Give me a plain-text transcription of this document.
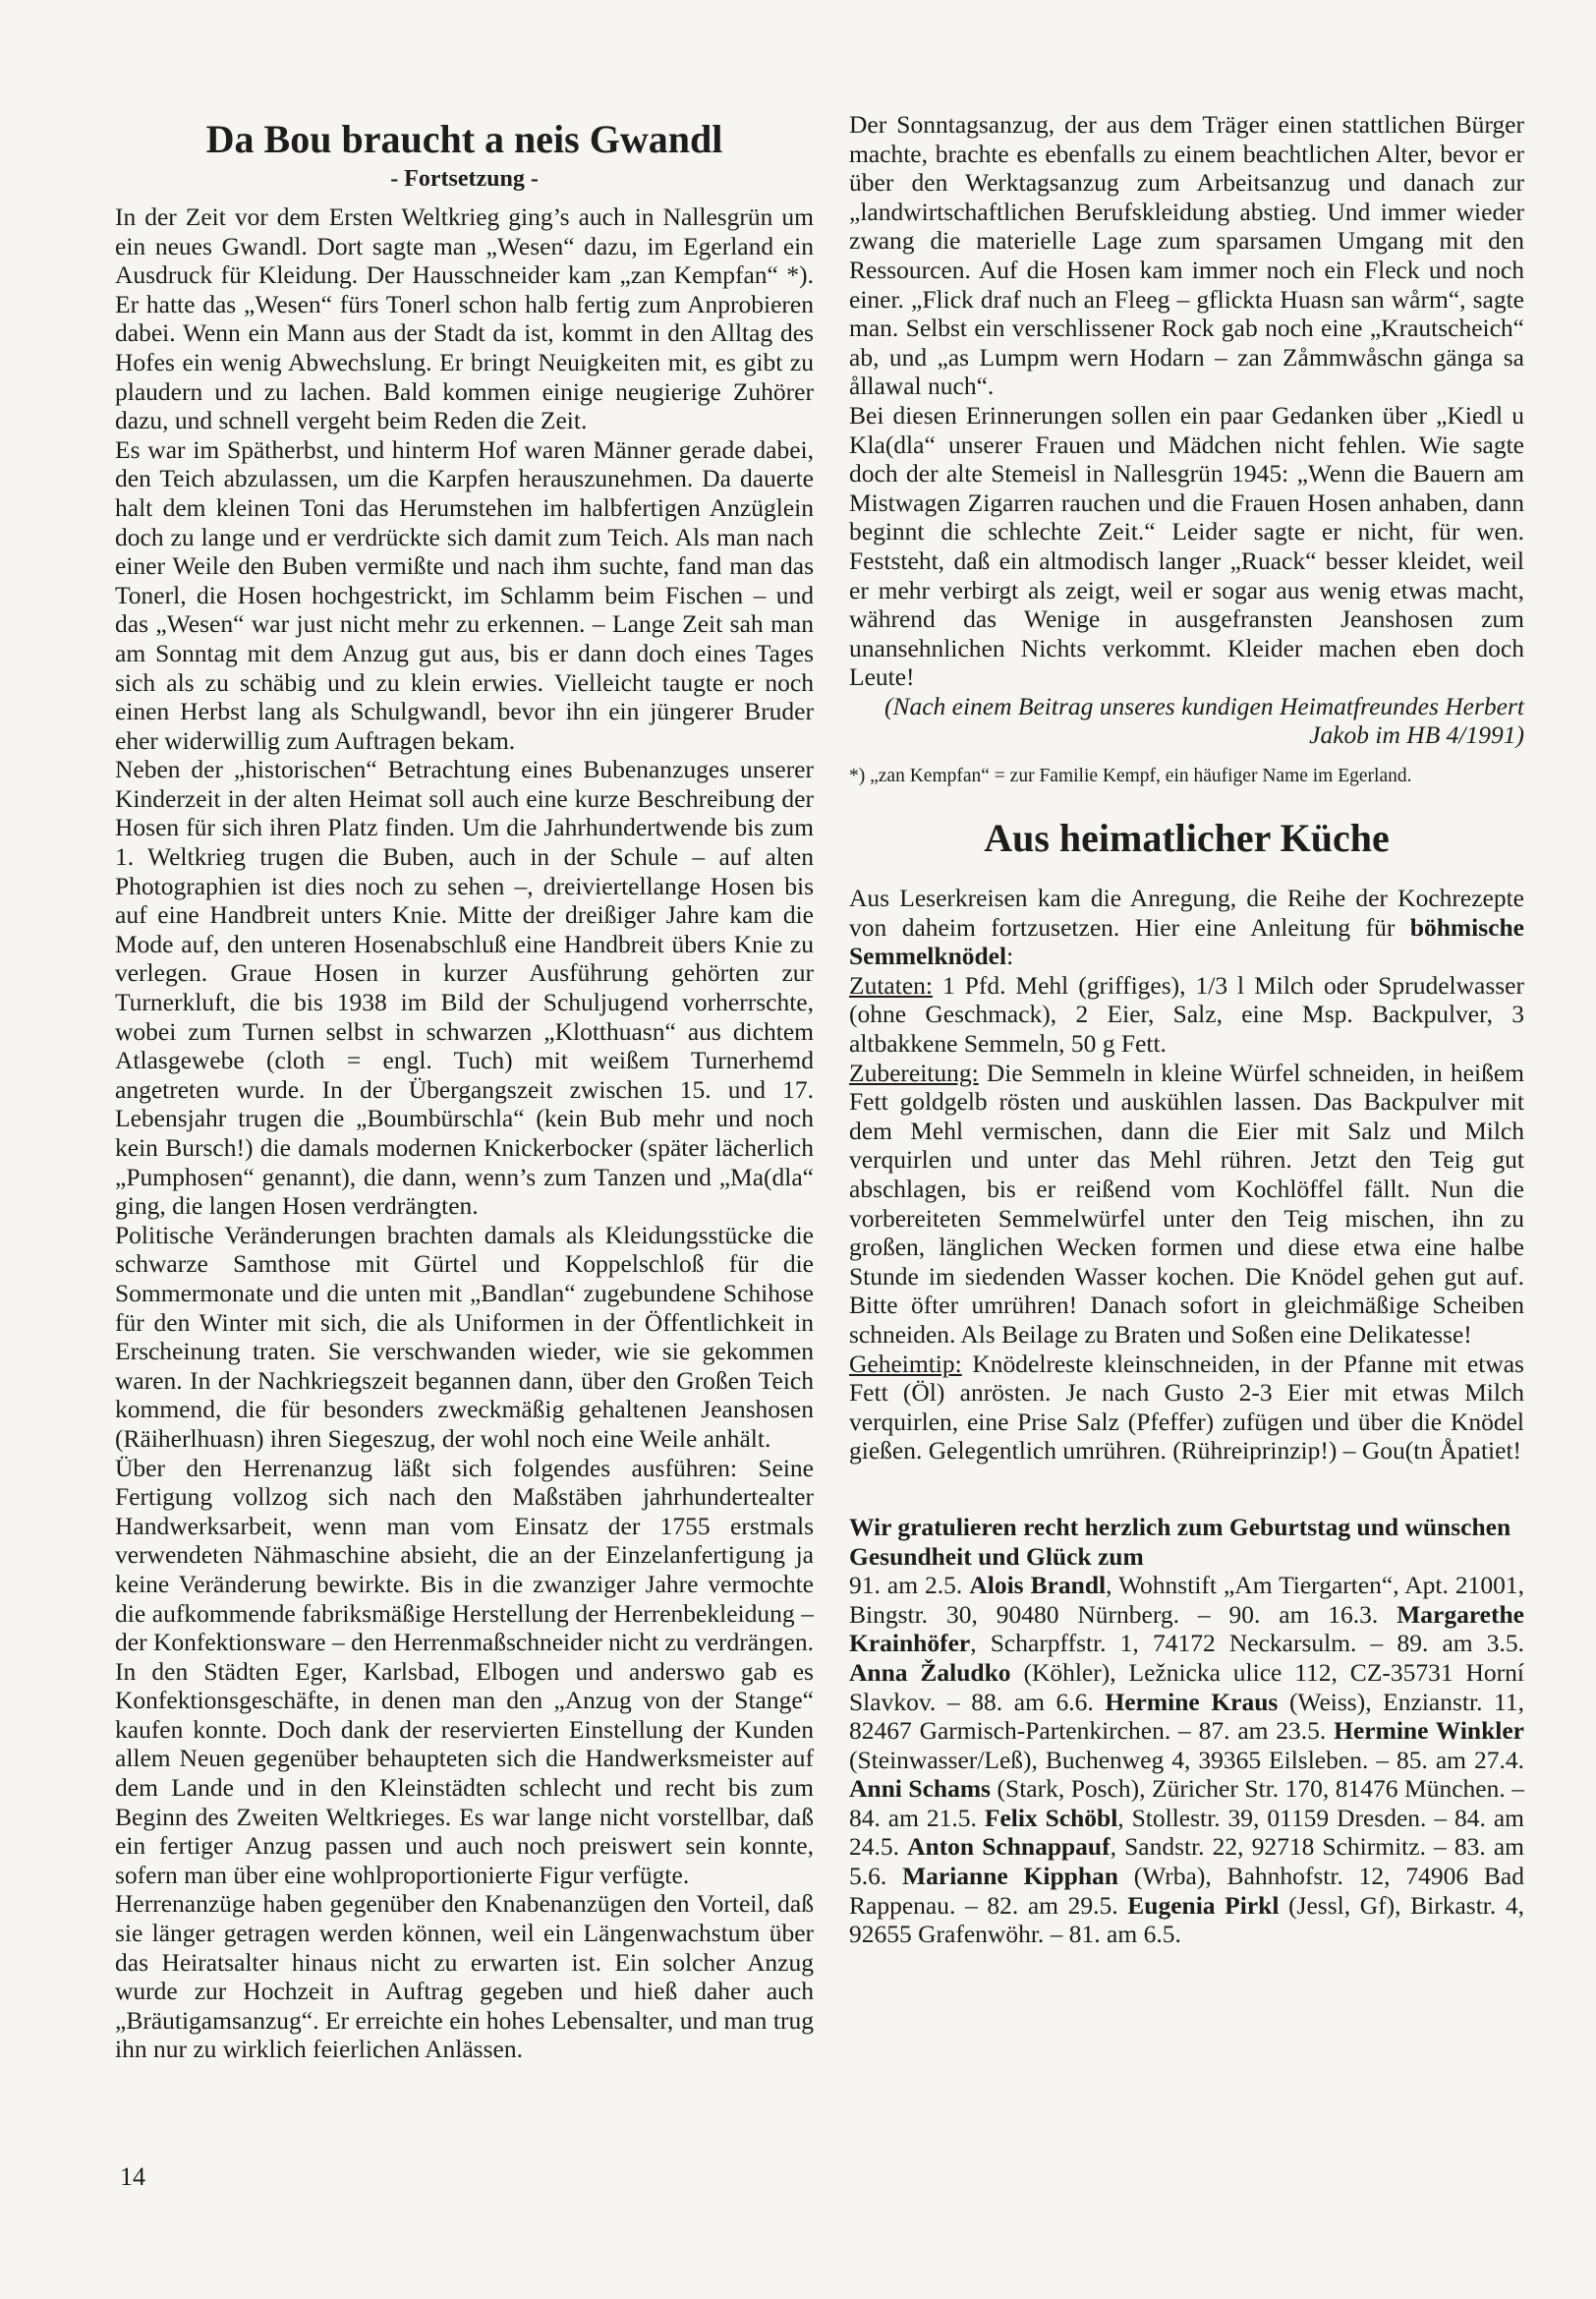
Da Bou braucht a neis Gwandl
- Fortsetzung -

In der Zeit vor dem Ersten Weltkrieg ging’s auch in Nallesgrün um ein neues Gwandl. Dort sagte man „Wesen“ dazu, im Egerland ein Ausdruck für Kleidung. Der Hausschneider kam „zan Kempfan“ *). Er hatte das „Wesen“ fürs Tonerl schon halb fertig zum Anprobieren dabei. Wenn ein Mann aus der Stadt da ist, kommt in den Alltag des Hofes ein wenig Abwechslung. Er bringt Neuigkeiten mit, es gibt zu plaudern und zu lachen. Bald kommen einige neugierige Zuhörer dazu, und schnell vergeht beim Reden die Zeit.

Es war im Spätherbst, und hinterm Hof waren Männer gerade dabei, den Teich abzulassen, um die Karpfen herauszunehmen. Da dauerte halt dem kleinen Toni das Herumstehen im halbfertigen Anzüglein doch zu lange und er verdrückte sich damit zum Teich. Als man nach einer Weile den Buben vermißte und nach ihm suchte, fand man das Tonerl, die Hosen hochgestrickt, im Schlamm beim Fischen – und das „Wesen“ war just nicht mehr zu erkennen. – Lange Zeit sah man am Sonntag mit dem Anzug gut aus, bis er dann doch eines Tages sich als zu schäbig und zu klein erwies. Vielleicht taugte er noch einen Herbst lang als Schulgwandl, bevor ihn ein jüngerer Bruder eher widerwillig zum Auftragen bekam.

Neben der „historischen“ Betrachtung eines Bubenanzuges unserer Kinderzeit in der alten Heimat soll auch eine kurze Beschreibung der Hosen für sich ihren Platz finden. Um die Jahrhundertwende bis zum 1. Weltkrieg trugen die Buben, auch in der Schule – auf alten Photographien ist dies noch zu sehen –, dreiviertellange Hosen bis auf eine Handbreit unters Knie. Mitte der dreißiger Jahre kam die Mode auf, den unteren Hosenabschluß eine Handbreit übers Knie zu verlegen. Graue Hosen in kurzer Ausführung gehörten zur Turnerkluft, die bis 1938 im Bild der Schuljugend vorherrschte, wobei zum Turnen selbst in schwarzen „Klotthuasn“ aus dichtem Atlasgewebe (cloth = engl. Tuch) mit weißem Turnerhemd angetreten wurde. In der Übergangszeit zwischen 15. und 17. Lebensjahr trugen die „Boumbürschla“ (kein Bub mehr und noch kein Bursch!) die damals modernen Knickerbocker (später lächerlich „Pumphosen“ genannt), die dann, wenn’s zum Tanzen und „Ma(dla“ ging, die langen Hosen verdrängten.

Politische Veränderungen brachten damals als Kleidungsstücke die schwarze Samthose mit Gürtel und Koppelschloß für die Sommermonate und die unten mit „Bandlan“ zugebundene Schihose für den Winter mit sich, die als Uniformen in der Öffentlichkeit in Erscheinung traten. Sie verschwanden wieder, wie sie gekommen waren. In der Nachkriegszeit begannen dann, über den Großen Teich kommend, die für besonders zweckmäßig gehaltenen Jeanshosen (Räiherlhuasn) ihren Siegeszug, der wohl noch eine Weile anhält.

Über den Herrenanzug läßt sich folgendes ausführen: Seine Fertigung vollzog sich nach den Maßstäben jahrhundertealter Handwerksarbeit, wenn man vom Einsatz der 1755 erstmals verwendeten Nähmaschine absieht, die an der Einzelanfertigung ja keine Veränderung bewirkte. Bis in die zwanziger Jahre vermochte die aufkommende fabriksmäßige Herstellung der Herrenbekleidung – der Konfektionsware – den Herrenmaßschneider nicht zu verdrängen. In den Städten Eger, Karlsbad, Elbogen und anderswo gab es Konfektionsgeschäfte, in denen man den „Anzug von der Stange“ kaufen konnte. Doch dank der reservierten Einstellung der Kunden allem Neuen gegenüber behaupteten sich die Handwerksmeister auf dem Lande und in den Kleinstädten schlecht und recht bis zum Beginn des Zweiten Weltkrieges. Es war lange nicht vorstellbar, daß ein fertiger Anzug passen und auch noch preiswert sein konnte, sofern man über eine wohlproportionierte Figur verfügte.

Herrenanzüge haben gegenüber den Knabenanzügen den Vorteil, daß sie länger getragen werden können, weil ein Längenwachstum über das Heiratsalter hinaus nicht zu erwarten ist. Ein solcher Anzug wurde zur Hochzeit in Auftrag gegeben und hieß daher auch „Bräutigamsanzug“. Er erreichte ein hohes Lebensalter, und man trug ihn nur zu wirklich feierlichen Anlässen.

Der Sonntagsanzug, der aus dem Träger einen stattlichen Bürger machte, brachte es ebenfalls zu einem beachtlichen Alter, bevor er über den Werktagsanzug zum Arbeitsanzug und danach zur „landwirtschaftlichen Berufskleidung abstieg. Und immer wieder zwang die materielle Lage zum sparsamen Umgang mit den Ressourcen. Auf die Hosen kam immer noch ein Fleck und noch einer. „Flick draf nuch an Fleeg – gflickta Huasn san wårm“, sagte man. Selbst ein verschlissener Rock gab noch eine „Krautscheich“ ab, und „as Lumpm wern Hodarn – zan Zåmmwåschn gänga sa ållawal nuch“.

Bei diesen Erinnerungen sollen ein paar Gedanken über „Kiedl u Kla(dla“ unserer Frauen und Mädchen nicht fehlen. Wie sagte doch der alte Stemeisl in Nallesgrün 1945: „Wenn die Bauern am Mistwagen Zigarren rauchen und die Frauen Hosen anhaben, dann beginnt die schlechte Zeit.“ Leider sagte er nicht, für wen. Feststeht, daß ein altmodisch langer „Ruack“ besser kleidet, weil er mehr verbirgt als zeigt, weil er sogar aus wenig etwas macht, während das Wenige in ausgefransten Jeanshosen zum unansehnlichen Nichts verkommt. Kleider machen eben doch Leute!

(Nach einem Beitrag unseres kundigen Heimatfreundes Herbert Jakob im HB 4/1991)

*) „zan Kempfan“ = zur Familie Kempf, ein häufiger Name im Egerland.

Aus heimatlicher Küche

Aus Leserkreisen kam die Anregung, die Reihe der Kochrezepte von daheim fortzusetzen. Hier eine Anleitung für böhmische Semmelknödel:

Zutaten: 1 Pfd. Mehl (griffiges), 1/3 l Milch oder Sprudelwasser (ohne Geschmack), 2 Eier, Salz, eine Msp. Backpulver, 3 altbakkene Semmeln, 50 g Fett.

Zubereitung: Die Semmeln in kleine Würfel schneiden, in heißem Fett goldgelb rösten und auskühlen lassen. Das Backpulver mit dem Mehl vermischen, dann die Eier mit Salz und Milch verquirlen und unter das Mehl rühren. Jetzt den Teig gut abschlagen, bis er reißend vom Kochlöffel fällt. Nun die vorbereiteten Semmelwürfel unter den Teig mischen, ihn zu großen, länglichen Wecken formen und diese etwa eine halbe Stunde im siedenden Wasser kochen. Die Knödel gehen gut auf. Bitte öfter umrühren! Danach sofort in gleichmäßige Scheiben schneiden. Als Beilage zu Braten und Soßen eine Delikatesse!

Geheimtip: Knödelreste kleinschneiden, in der Pfanne mit etwas Fett (Öl) anrösten. Je nach Gusto 2-3 Eier mit etwas Milch verquirlen, eine Prise Salz (Pfeffer) zufügen und über die Knödel gießen. Gelegentlich umrühren. (Rühreiprinzip!) – Gou(tn Åpatiet!

Wir gratulieren recht herzlich zum Geburtstag und wünschen Gesundheit und Glück zum

91. am 2.5. Alois Brandl, Wohnstift „Am Tiergarten“, Apt. 21001, Bingstr. 30, 90480 Nürnberg. – 90. am 16.3. Margarethe Krainhöfer, Scharpffstr. 1, 74172 Neckarsulm. – 89. am 3.5. Anna Žaludko (Köhler), Ležnicka ulice 112, CZ-35731 Horní Slavkov. – 88. am 6.6. Hermine Kraus (Weiss), Enzianstr. 11, 82467 Garmisch-Partenkirchen. – 87. am 23.5. Hermine Winkler (Steinwasser/Leß), Buchenweg 4, 39365 Eilsleben. – 85. am 27.4. Anni Schams (Stark, Posch), Züricher Str. 170, 81476 München. – 84. am 21.5. Felix Schöbl, Stollestr. 39, 01159 Dresden. – 84. am 24.5. Anton Schnappauf, Sandstr. 22, 92718 Schirmitz. – 83. am 5.6. Marianne Kipphan (Wrba), Bahnhofstr. 12, 74906 Bad Rappenau. – 82. am 29.5. Eugenia Pirkl (Jessl, Gf), Birkastr. 4, 92655 Grafenwöhr. – 81. am 6.5.

14
